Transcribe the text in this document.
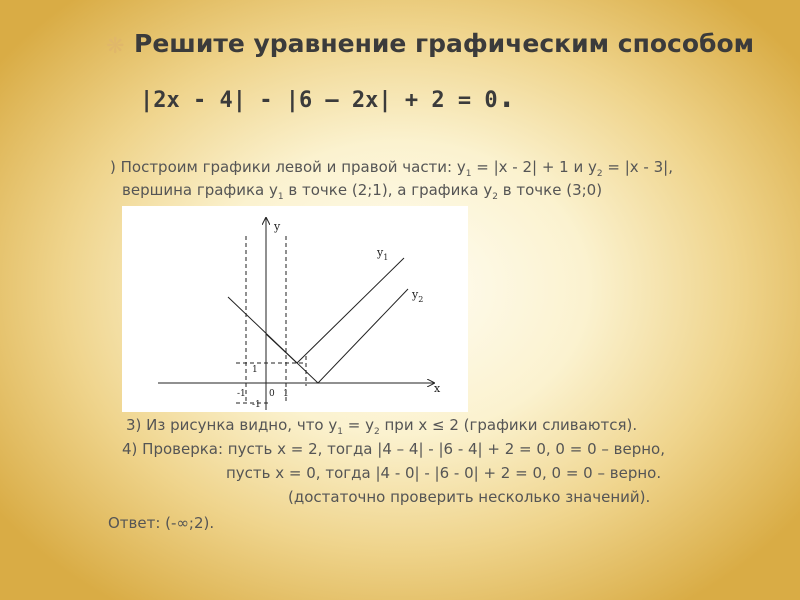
❋ Решите уравнение графическим способом
|2x - 4| - |6 – 2x| + 2 = 0.
) Построим графики левой и правой части: $y_1 = |x - 2| + 1$ и $y_2 = |x - 3|$,
вершина графика $y_1$ в точке (2;1), а графика $y_2$ в точке (3;0)
y
x
$y_1$
$y_2$
1
-1
-1	0 1
3) Из рисунка видно, что $y_1 = y_2$ при x ≤ 2 (графики сливаются).
4) Проверка: пусть x = 2, тогда |4 – 4| - |6 - 4| + 2 = 0, 0 = 0 – верно,
пусть x = 0, тогда |4 - 0| - |6 - 0| + 2 = 0, 0 = 0 – верно.
(достаточно проверить несколько значений).
Ответ: (-∞;2).
